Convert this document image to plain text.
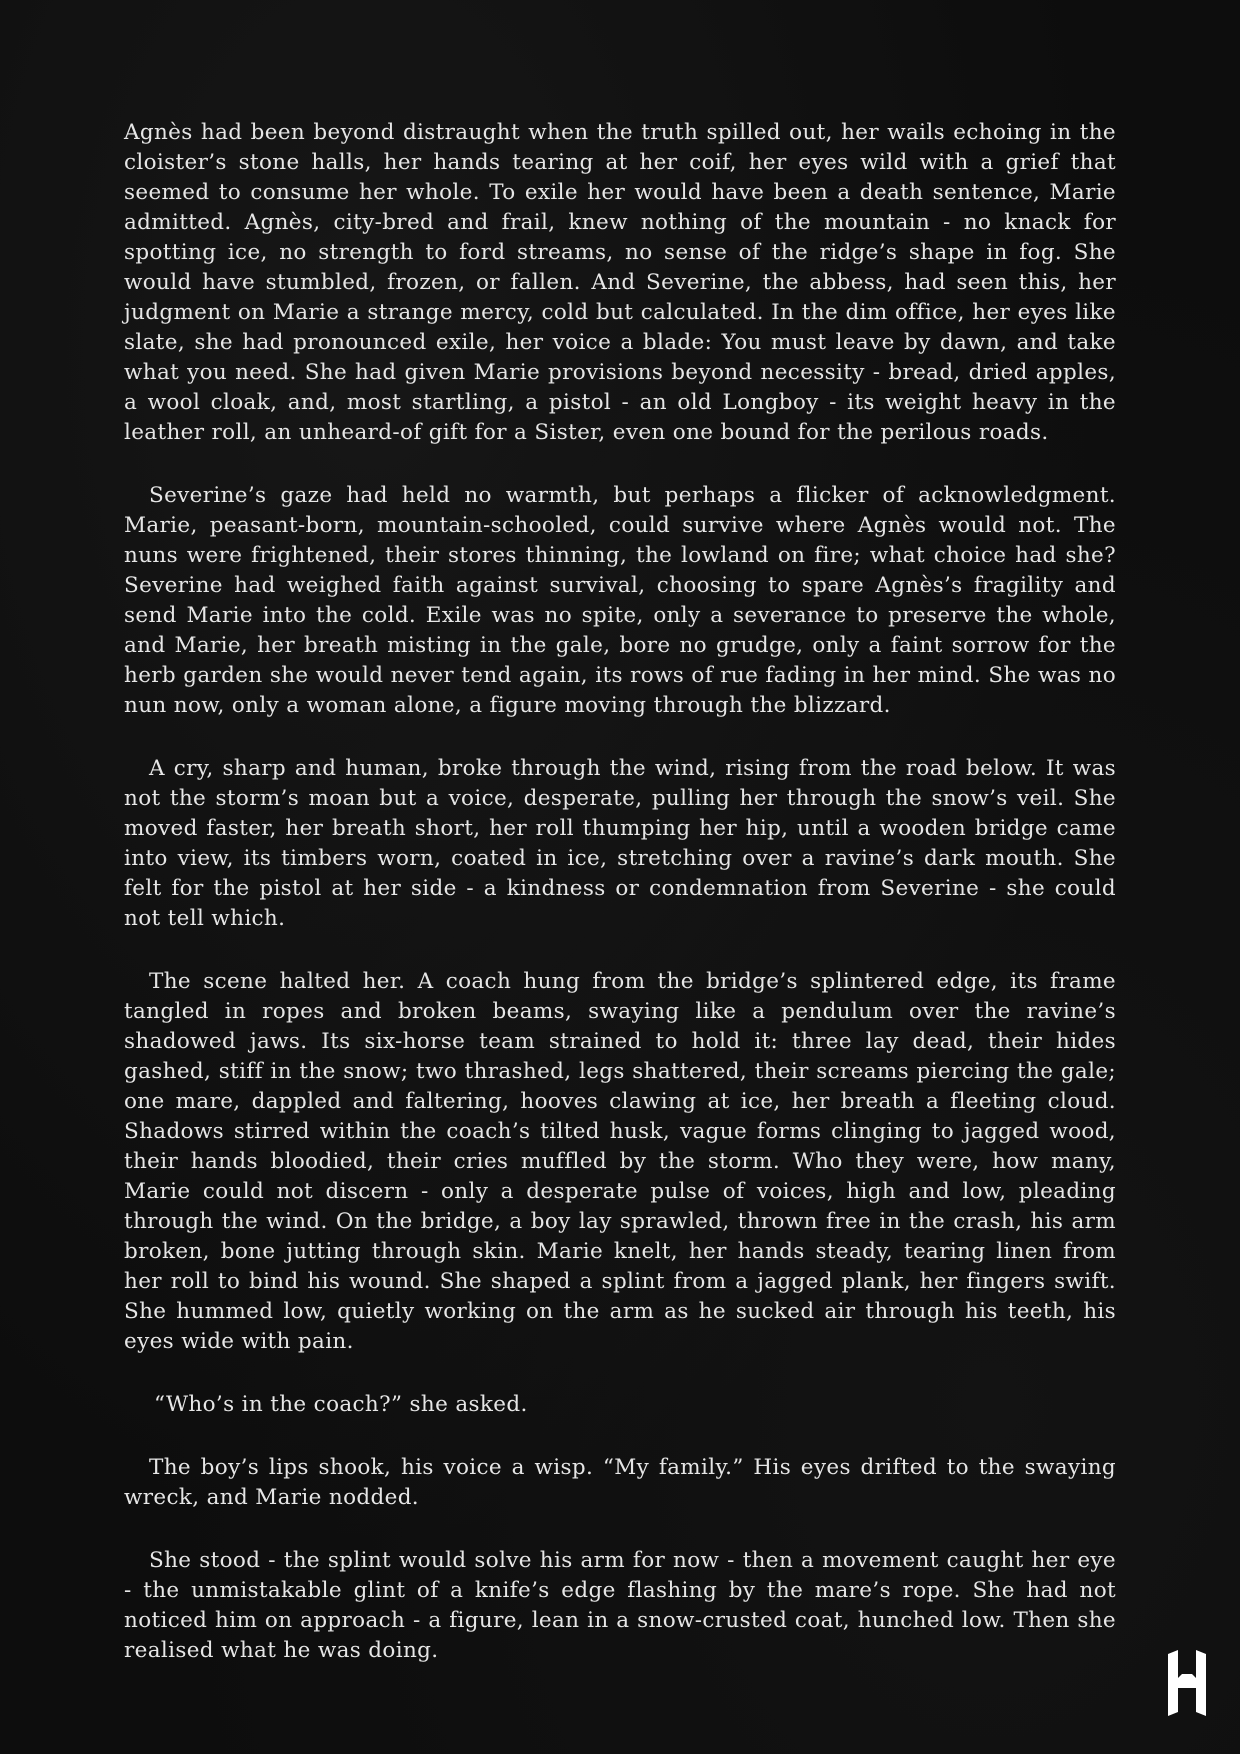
Agnès had been beyond distraught when the truth spilled out, her wails echoing in the cloister’s stone halls, her hands tearing at her coif, her eyes wild with a grief that seemed to consume her whole. To exile her would have been a death sentence, Marie admitted. Agnès, city-bred and frail, knew nothing of the mountain - no knack for spotting ice, no strength to ford streams, no sense of the ridge’s shape in fog. She would have stumbled, frozen, or fallen. And Severine, the abbess, had seen this, her judgment on Marie a strange mercy, cold but calculated. In the dim office, her eyes like slate, she had pronounced exile, her voice a blade: You must leave by dawn, and take what you need. She had given Marie provisions beyond necessity - bread, dried apples, a wool cloak, and, most startling, a pistol - an old Longboy - its weight heavy in the leather roll, an unheard-of gift for a Sister, even one bound for the perilous roads.

Severine’s gaze had held no warmth, but perhaps a flicker of acknowledgment. Marie, peasant-born, mountain-schooled, could survive where Agnès would not. The nuns were frightened, their stores thinning, the lowland on fire; what choice had she? Severine had weighed faith against survival, choosing to spare Agnès’s fragility and send Marie into the cold. Exile was no spite, only a severance to preserve the whole, and Marie, her breath misting in the gale, bore no grudge, only a faint sorrow for the herb garden she would never tend again, its rows of rue fading in her mind. She was no nun now, only a woman alone, a figure moving through the blizzard.

A cry, sharp and human, broke through the wind, rising from the road below. It was not the storm’s moan but a voice, desperate, pulling her through the snow’s veil. She moved faster, her breath short, her roll thumping her hip, until a wooden bridge came into view, its timbers worn, coated in ice, stretching over a ravine’s dark mouth. She felt for the pistol at her side - a kindness or condemnation from Severine - she could not tell which.

The scene halted her. A coach hung from the bridge’s splintered edge, its frame tangled in ropes and broken beams, swaying like a pendulum over the ravine’s shadowed jaws. Its six-horse team strained to hold it: three lay dead, their hides gashed, stiff in the snow; two thrashed, legs shattered, their screams piercing the gale; one mare, dappled and faltering, hooves clawing at ice, her breath a fleeting cloud. Shadows stirred within the coach’s tilted husk, vague forms clinging to jagged wood, their hands bloodied, their cries muffled by the storm. Who they were, how many, Marie could not discern - only a desperate pulse of voices, high and low, pleading through the wind. On the bridge, a boy lay sprawled, thrown free in the crash, his arm broken, bone jutting through skin. Marie knelt, her hands steady, tearing linen from her roll to bind his wound. She shaped a splint from a jagged plank, her fingers swift. She hummed low, quietly working on the arm as he sucked air through his teeth, his eyes wide with pain.

“Who’s in the coach?” she asked.

The boy’s lips shook, his voice a wisp. “My family.” His eyes drifted to the swaying wreck, and Marie nodded.

She stood - the splint would solve his arm for now - then a movement caught her eye - the unmistakable glint of a knife’s edge flashing by the mare’s rope. She had not noticed him on approach - a figure, lean in a snow-crusted coat, hunched low. Then she realised what he was doing.
